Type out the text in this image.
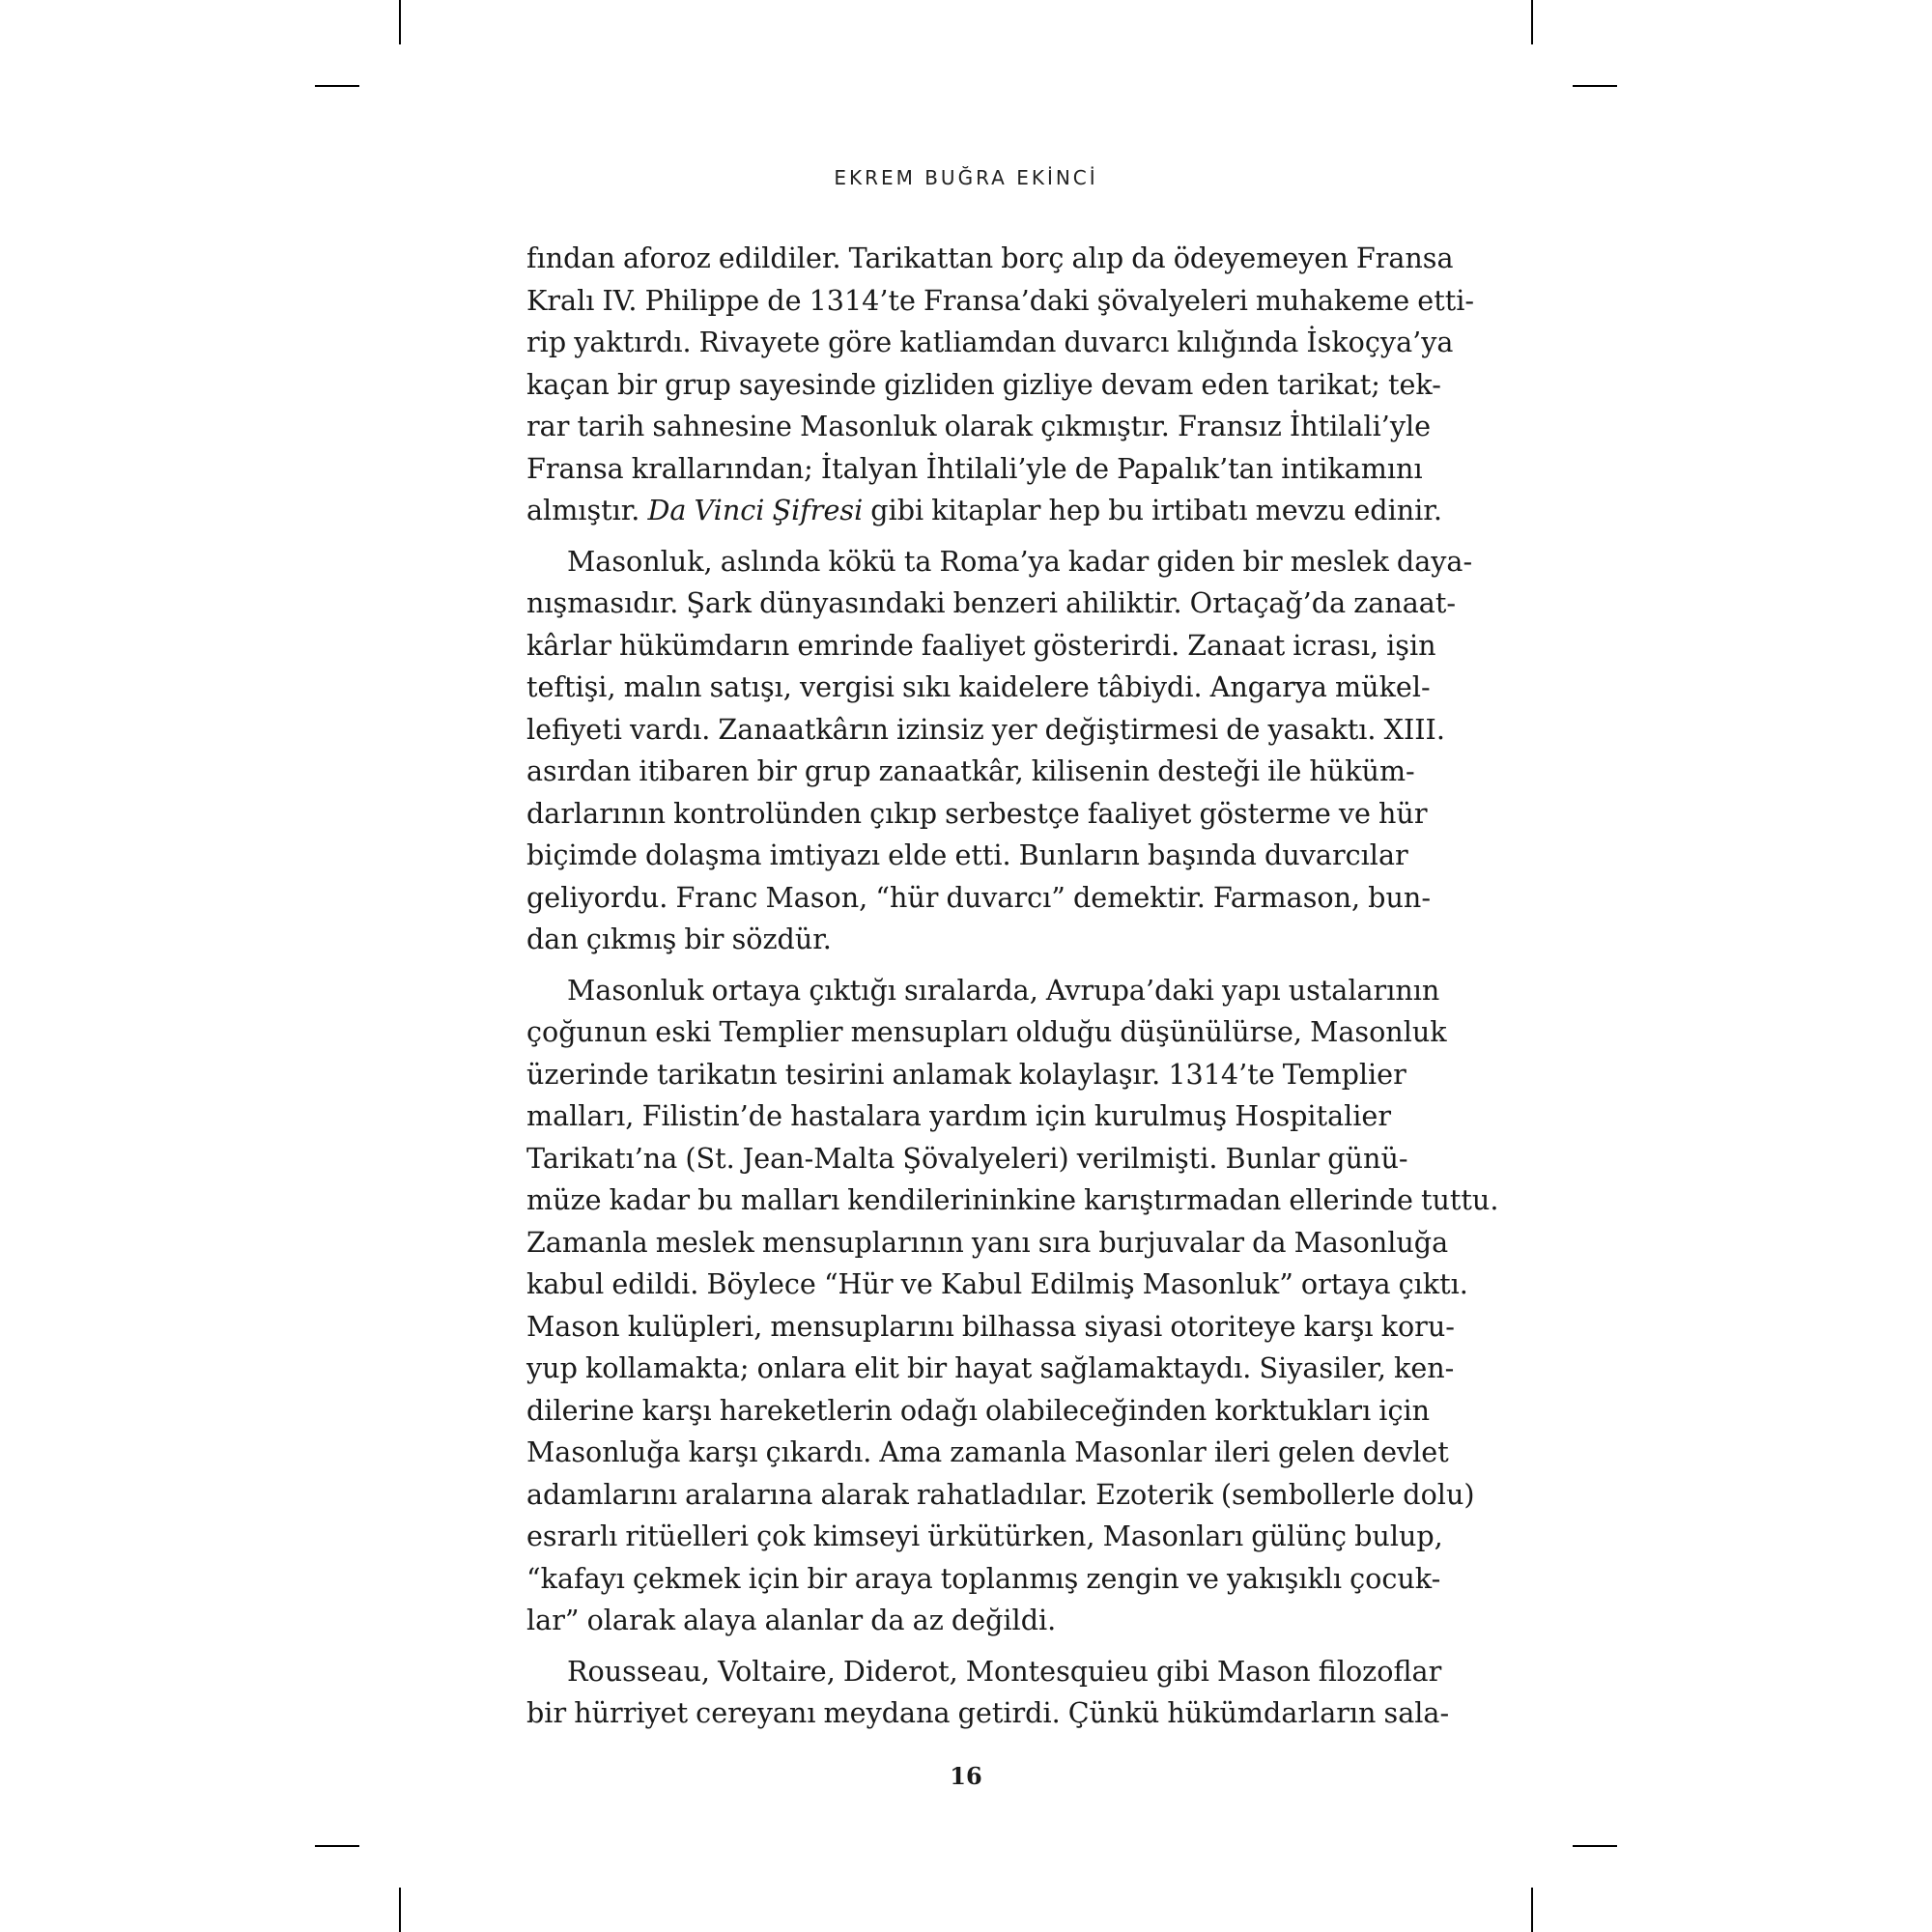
EKREM BUĞRA EKİNCİ
fından aforoz edildiler. Tarikattan borç alıp da ödeyemeyen Fransa
Kralı IV. Philippe de 1314’te Fransa’daki şövalyeleri muhakeme etti-
rip yaktırdı. Rivayete göre katliamdan duvarcı kılığında İskoçya’ya
kaçan bir grup sayesinde gizliden gizliye devam eden tarikat; tek-
rar tarih sahnesine Masonluk olarak çıkmıştır. Fransız İhtilali’yle
Fransa krallarından; İtalyan İhtilali’yle de Papalık’tan intikamını
almıştır. Da Vinci Şifresi gibi kitaplar hep bu irtibatı mevzu edinir.
Masonluk, aslında kökü ta Roma’ya kadar giden bir meslek daya-
nışmasıdır. Şark dünyasındaki benzeri ahiliktir. Ortaçağ’da zanaat-
kârlar hükümdarın emrinde faaliyet gösterirdi. Zanaat icrası, işin
teftişi, malın satışı, vergisi sıkı kaidelere tâbiydi. Angarya mükel-
lefiyeti vardı. Zanaatkârın izinsiz yer değiştirmesi de yasaktı. XIII.
asırdan itibaren bir grup zanaatkâr, kilisenin desteği ile hüküm-
darlarının kontrolünden çıkıp serbestçe faaliyet gösterme ve hür
biçimde dolaşma imtiyazı elde etti. Bunların başında duvarcılar
geliyordu. Franc Mason, “hür duvarcı” demektir. Farmason, bun-
dan çıkmış bir sözdür.
Masonluk ortaya çıktığı sıralarda, Avrupa’daki yapı ustalarının
çoğunun eski Templier mensupları olduğu düşünülürse, Masonluk
üzerinde tarikatın tesirini anlamak kolaylaşır. 1314’te Templier
malları, Filistin’de hastalara yardım için kurulmuş Hospitalier
Tarikatı’na (St. Jean-Malta Şövalyeleri) verilmişti. Bunlar günü-
müze kadar bu malları kendilerininkine karıştırmadan ellerinde tuttu.
Zamanla meslek mensuplarının yanı sıra burjuvalar da Masonluğa
kabul edildi. Böylece “Hür ve Kabul Edilmiş Masonluk” ortaya çıktı.
Mason kulüpleri, mensuplarını bilhassa siyasi otoriteye karşı koru-
yup kollamakta; onlara elit bir hayat sağlamaktaydı. Siyasiler, ken-
dilerine karşı hareketlerin odağı olabileceğinden korktukları için
Masonluğa karşı çıkardı. Ama zamanla Masonlar ileri gelen devlet
adamlarını aralarına alarak rahatladılar. Ezoterik (sembollerle dolu)
esrarlı ritüelleri çok kimseyi ürkütürken, Masonları gülünç bulup,
“kafayı çekmek için bir araya toplanmış zengin ve yakışıklı çocuk-
lar” olarak alaya alanlar da az değildi.
Rousseau, Voltaire, Diderot, Montesquieu gibi Mason filozoflar
bir hürriyet cereyanı meydana getirdi. Çünkü hükümdarların sala-
16
